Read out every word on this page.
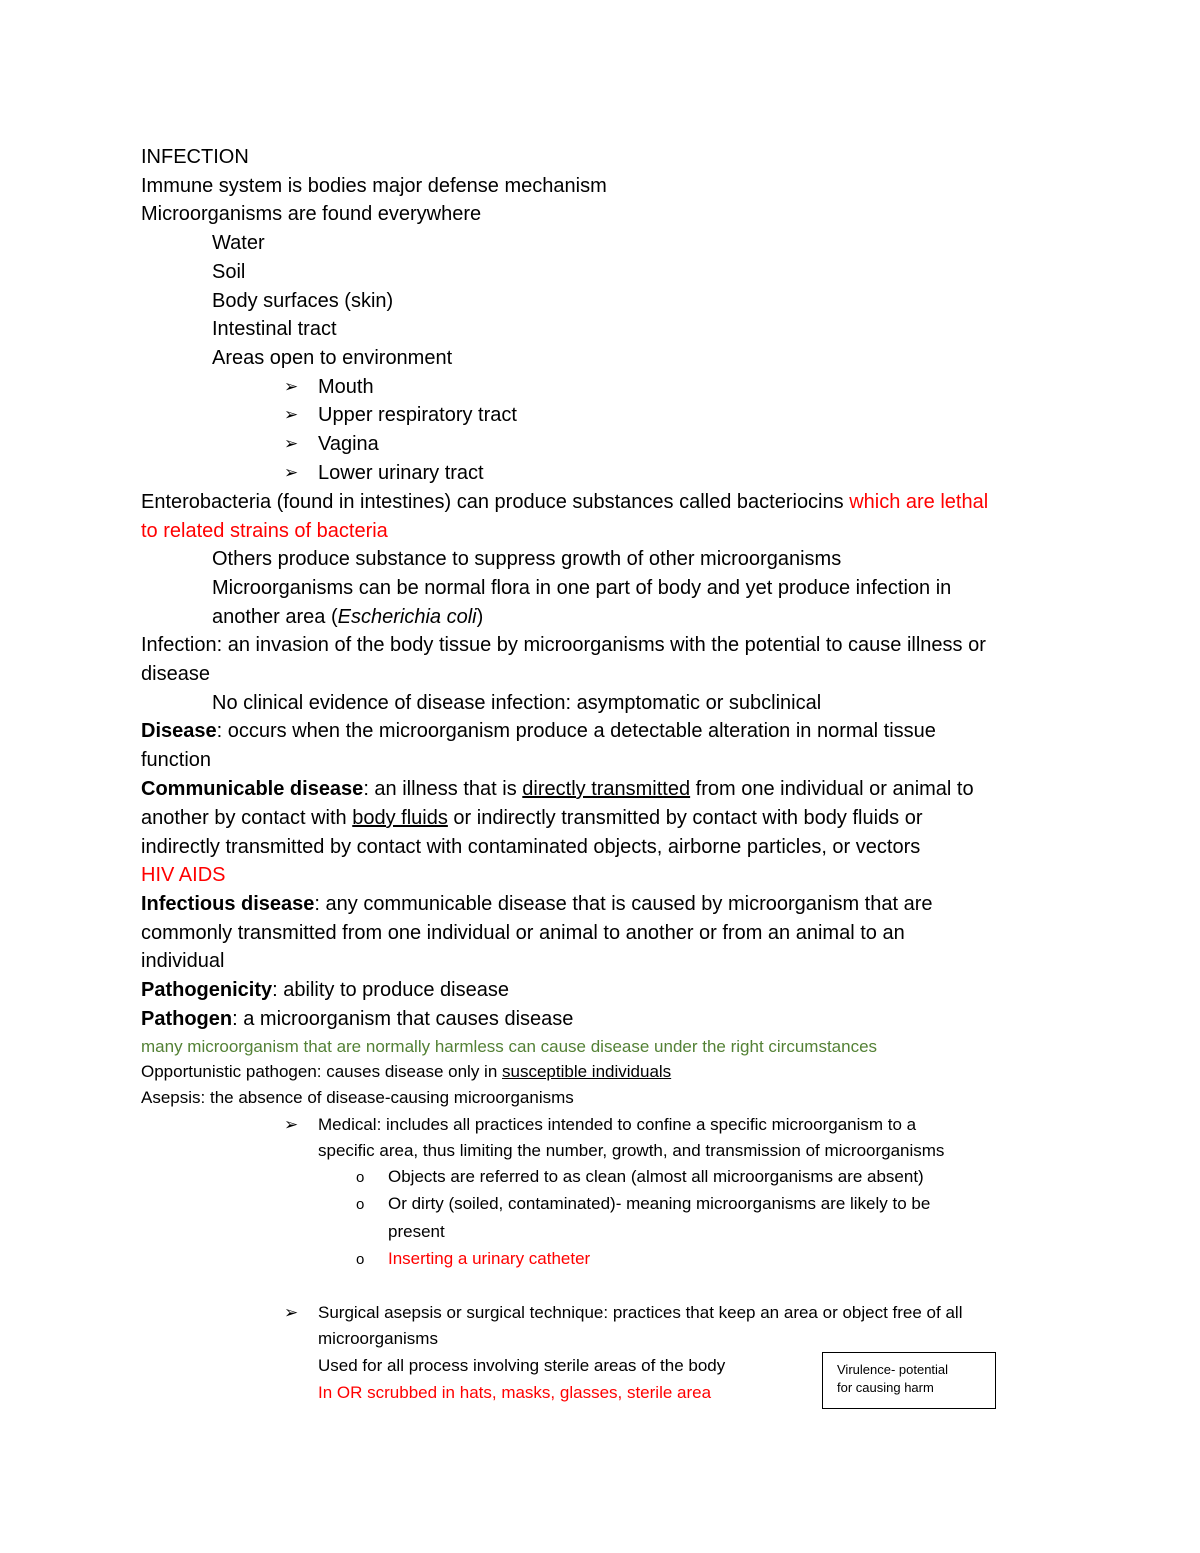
INFECTION
Immune system is bodies major defense mechanism
Microorganisms are found everywhere
Water
Soil
Body surfaces (skin)
Intestinal tract
Areas open to environment
➢ Mouth
➢ Upper respiratory tract
➢ Vagina
➢ Lower urinary tract
Enterobacteria (found in intestines) can produce substances called bacteriocins which are lethal
to related strains of bacteria
Others produce substance to suppress growth of other microorganisms
Microorganisms can be normal flora in one part of body and yet produce infection in
another area (Escherichia coli)
Infection: an invasion of the body tissue by microorganisms with the potential to cause illness or
disease
No clinical evidence of disease infection: asymptomatic or subclinical
Disease: occurs when the microorganism produce a detectable alteration in normal tissue
function
Communicable disease: an illness that is directly transmitted from one individual or animal to
another by contact with body fluids or indirectly transmitted by contact with body fluids or
indirectly transmitted by contact with contaminated objects, airborne particles, or vectors
HIV AIDS
Infectious disease: any communicable disease that is caused by microorganism that are
commonly transmitted from one individual or animal to another or from an animal to an
individual
Pathogenicity: ability to produce disease
Pathogen: a microorganism that causes disease
many microorganism that are normally harmless can cause disease under the right circumstances
Opportunistic pathogen: causes disease only in susceptible individuals
Asepsis: the absence of disease-causing microorganisms
➢ Medical: includes all practices intended to confine a specific microorganism to a
specific area, thus limiting the number, growth, and transmission of microorganisms
o Objects are referred to as clean (almost all microorganisms are absent)
o Or dirty (soiled, contaminated)- meaning microorganisms are likely to be
present
o Inserting a urinary catheter
➢ Surgical asepsis or surgical technique: practices that keep an area or object free of all
microorganisms
Used for all process involving sterile areas of the body
In OR scrubbed in hats, masks, glasses, sterile area
Virulence- potential
for causing harm
